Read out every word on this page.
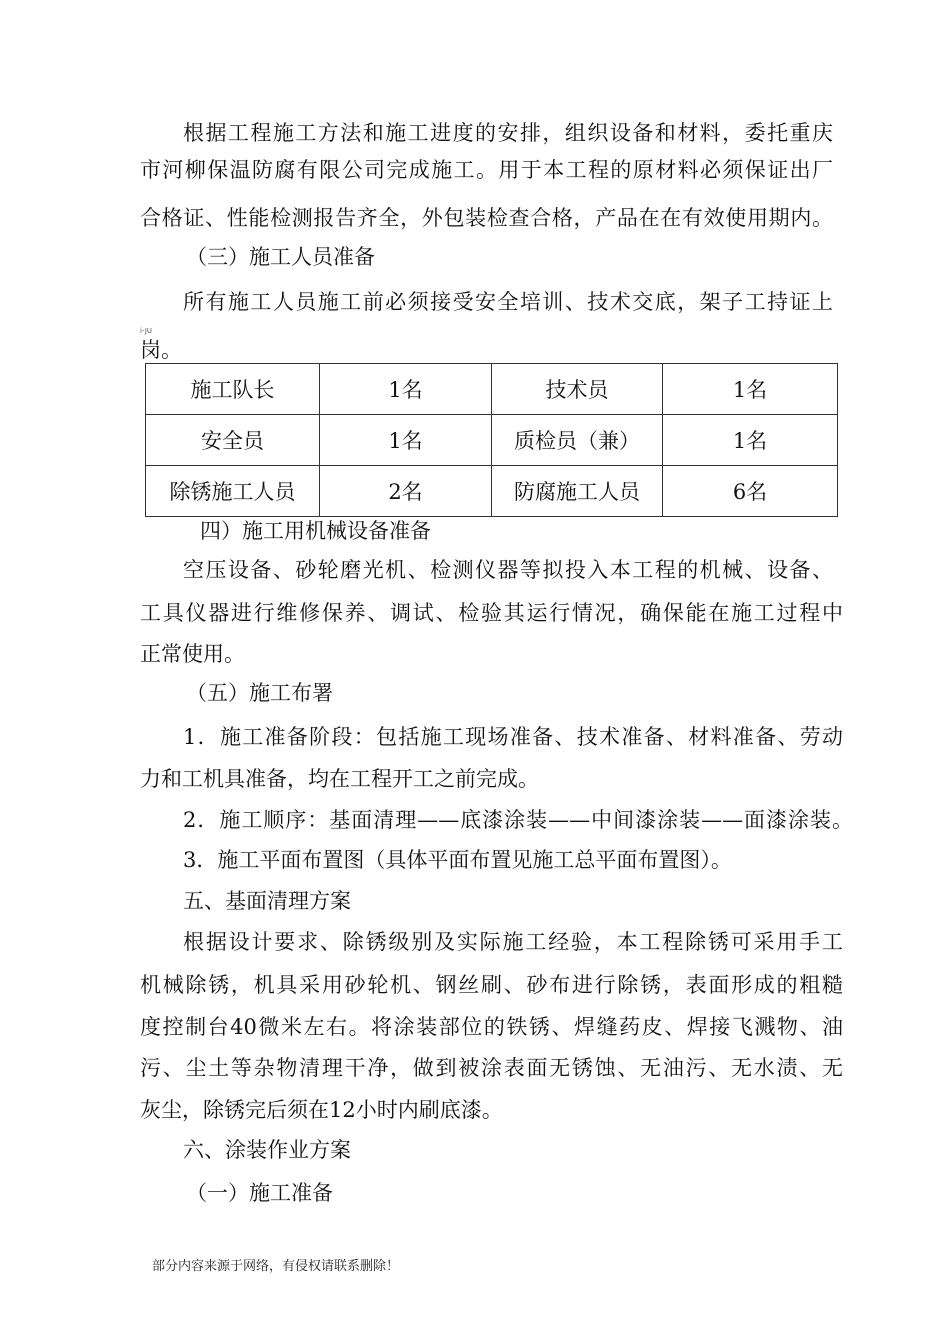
根据工程施工方法和施工进度的安排，组织设备和材料，委托重庆
市河柳保温防腐有限公司完成施工。用于本工程的原材料必须保证出厂
合格证、性能检测报告齐全，外包装检查合格，产品在在有效使用期内。
（三）施工人员准备
所有施工人员施工前必须接受安全培训、技术交底，架子工持证上
i-JU
岗。
施工队长	1名	技术员	1名
安全员	1名	质检员（兼）	1名
除锈施工人员	2名	防腐施工人员	6名
四）施工用机械设备准备
空压设备、砂轮磨光机、检测仪器等拟投入本工程的机械、设备、
工具仪器进行维修保养、调试、检验其运行情况，确保能在施工过程中
正常使用。
（五）施工布署
1．施工准备阶段：包括施工现场准备、技术准备、材料准备、劳动
力和工机具准备，均在工程开工之前完成。
2．施工顺序：基面清理——底漆涂装——中间漆涂装——面漆涂装。
3．施工平面布置图（具体平面布置见施工总平面布置图）。
五、基面清理方案
根据设计要求、除锈级别及实际施工经验，本工程除锈可采用手工
机械除锈，机具采用砂轮机、钢丝刷、砂布进行除锈，表面形成的粗糙
度控制台40微米左右。将涂装部位的铁锈、焊缝药皮、焊接飞溅物、油
污、尘土等杂物清理干净，做到被涂表面无锈蚀、无油污、无水渍、无
灰尘，除锈完后须在12小时内刷底漆。
六、涂装作业方案
（一）施工准备
部分内容来源于网络，有侵权请联系删除！
